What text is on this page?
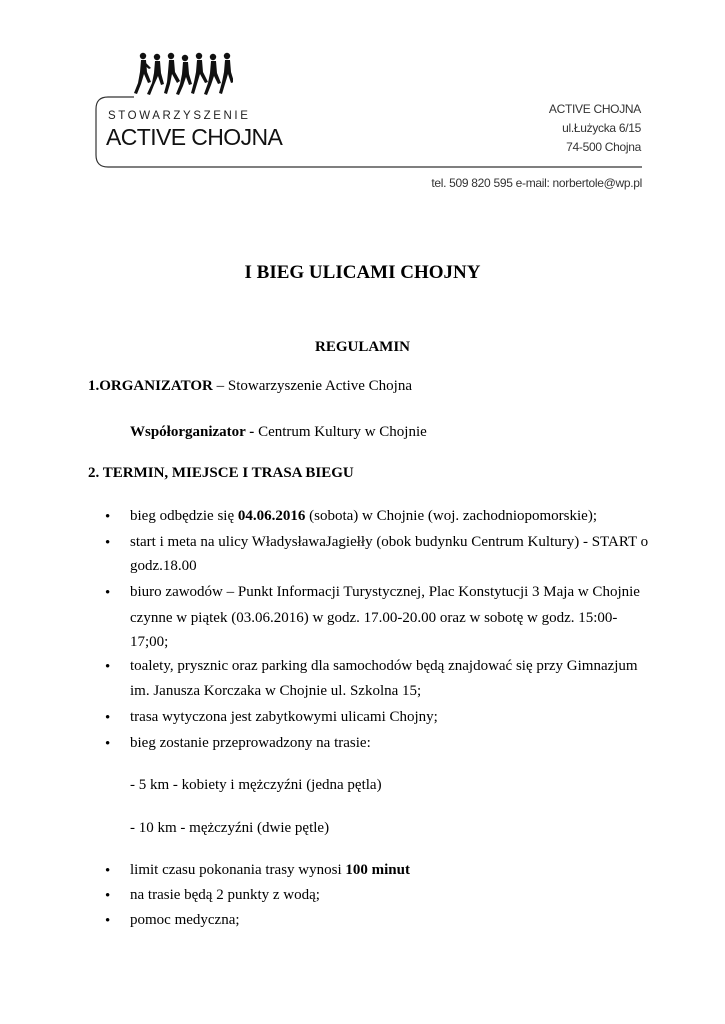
STOWARZYSZENIE
ACTIVE CHOJNA
ACTIVE CHOJNA
ul.Łużycka 6/15
74-500 Chojna
tel. 509 820 595 e-mail: norbertole@wp.pl
I BIEG ULICAMI CHOJNY
REGULAMIN
1.ORGANIZATOR – Stowarzyszenie Active Chojna
Współorganizator - Centrum Kultury w Chojnie
2. TERMIN, MIEJSCE I TRASA BIEGU
•
bieg odbędzie się 04.06.2016 (sobota) w Chojnie (woj. zachodniopomorskie);
•
start i meta na ulicy WładysławaJagiełły (obok budynku Centrum Kultury) - START o
godz.18.00
•
biuro zawodów – Punkt Informacji Turystycznej, Plac Konstytucji 3 Maja w Chojnie
czynne w piątek (03.06.2016) w godz. 17.00-20.00 oraz w sobotę w godz. 15:00-
17;00;
•
toalety, prysznic oraz parking dla samochodów będą znajdować się przy Gimnazjum
im. Janusza Korczaka w Chojnie ul. Szkolna 15;
•
trasa wytyczona jest zabytkowymi ulicami Chojny;
•
bieg zostanie przeprowadzony na trasie:
- 5 km - kobiety i mężczyźni (jedna pętla)
- 10 km - mężczyźni (dwie pętle)
•
limit czasu pokonania trasy wynosi 100 minut
•
na trasie będą 2 punkty z wodą;
•
pomoc medyczna;
